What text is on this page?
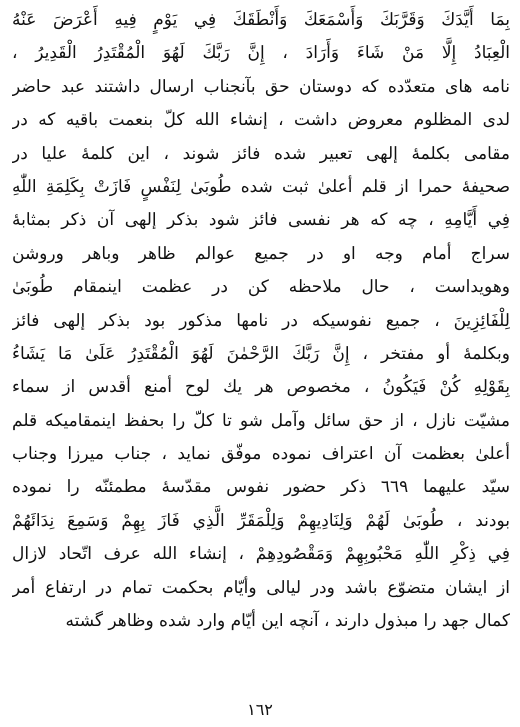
بِمَا أَيَّدَكَ وَقَرَّبَكَ وَأَسْمَعَكَ وَأَنْطَقَكَ فِي يَوْمٍ فِيهِ أَعْرَضَ عَنْهُ
الْعِبَادُ إِلَّا مَنْ شَاءَ وَأَرَادَ ، إِنَّ رَبَّكَ لَهُوَ الْمُقْتَدِرُ الْقَدِيرُ ،
نامه های متعدّده که دوستان حق بآنجناب ارسال داشتند عبد حاضر
لدی المظلوم معروض داشت ، إنشاء الله كلّ بنعمت باقيه كه در
مقامی بكلمهٔ إلهی تعبير شده فائز شوند ، اين كلمهٔ عليا در
صحيفهٔ حمرا از قلم أعلیٰ ثبت شده طُوبَىٰ لِنَفْسٍ فَازَتْ بِكَلِمَةِ اللّٰهِ
فِي أَيَّامِهِ ، چه كه هر نفسی فائز شود بذكر إلهی آن ذكر بمثابهٔ
سراج أمام وجه او در جميع عوالم ظاهر وباهر وروشن
وهويداست ، حال ملاحظه كن در عظمت اينمقام طُوبَىٰ
لِلْفَائِزِينَ ، جميع نفوسيكه در نامها مذكور بود بذكر إلهی فائز
وبكلمهٔ أو مفتخر ، إِنَّ رَبَّكَ الرَّحْمٰنَ لَهُوَ الْمُقْتَدِرُ عَلَىٰ مَا يَشَاءُ
بِقَوْلِهِ كُنْ فَيَكُونُ ، مخصوص هر يك لوح أمنع أقدس از سماء
مشيّت نازل ، از حق سائل وآمل شو تا كلّ را بحفظ اينمقاميكه قلم
أعلیٰ بعظمت آن اعتراف نموده موفّق نمايد ، جناب ميرزا وجناب
سيّد عليهما ٦٦٩ ذكر حضور نفوس مقدّسهٔ مطمئنّه را نموده
بودند ، طُوبَىٰ لَهُمْ وَلِنَادِيهِمْ وَلِلْمَقَرِّ الَّذِي فَازَ بِهِمْ وَسَمِعَ نِدَائَهُمْ
فِي ذِكْرِ اللّٰهِ مَحْبُوبِهِمْ وَمَقْصُودِهِمْ ، إنشاء الله عرف اتّحاد لازال
از ايشان متضوّع باشد ودر ليالی وأيّام بحكمت تمام در ارتفاع أمر
كمال جهد را مبذول دارند ، آنچه اين أيّام وارد شده وظاهر گشته
١٦٢
